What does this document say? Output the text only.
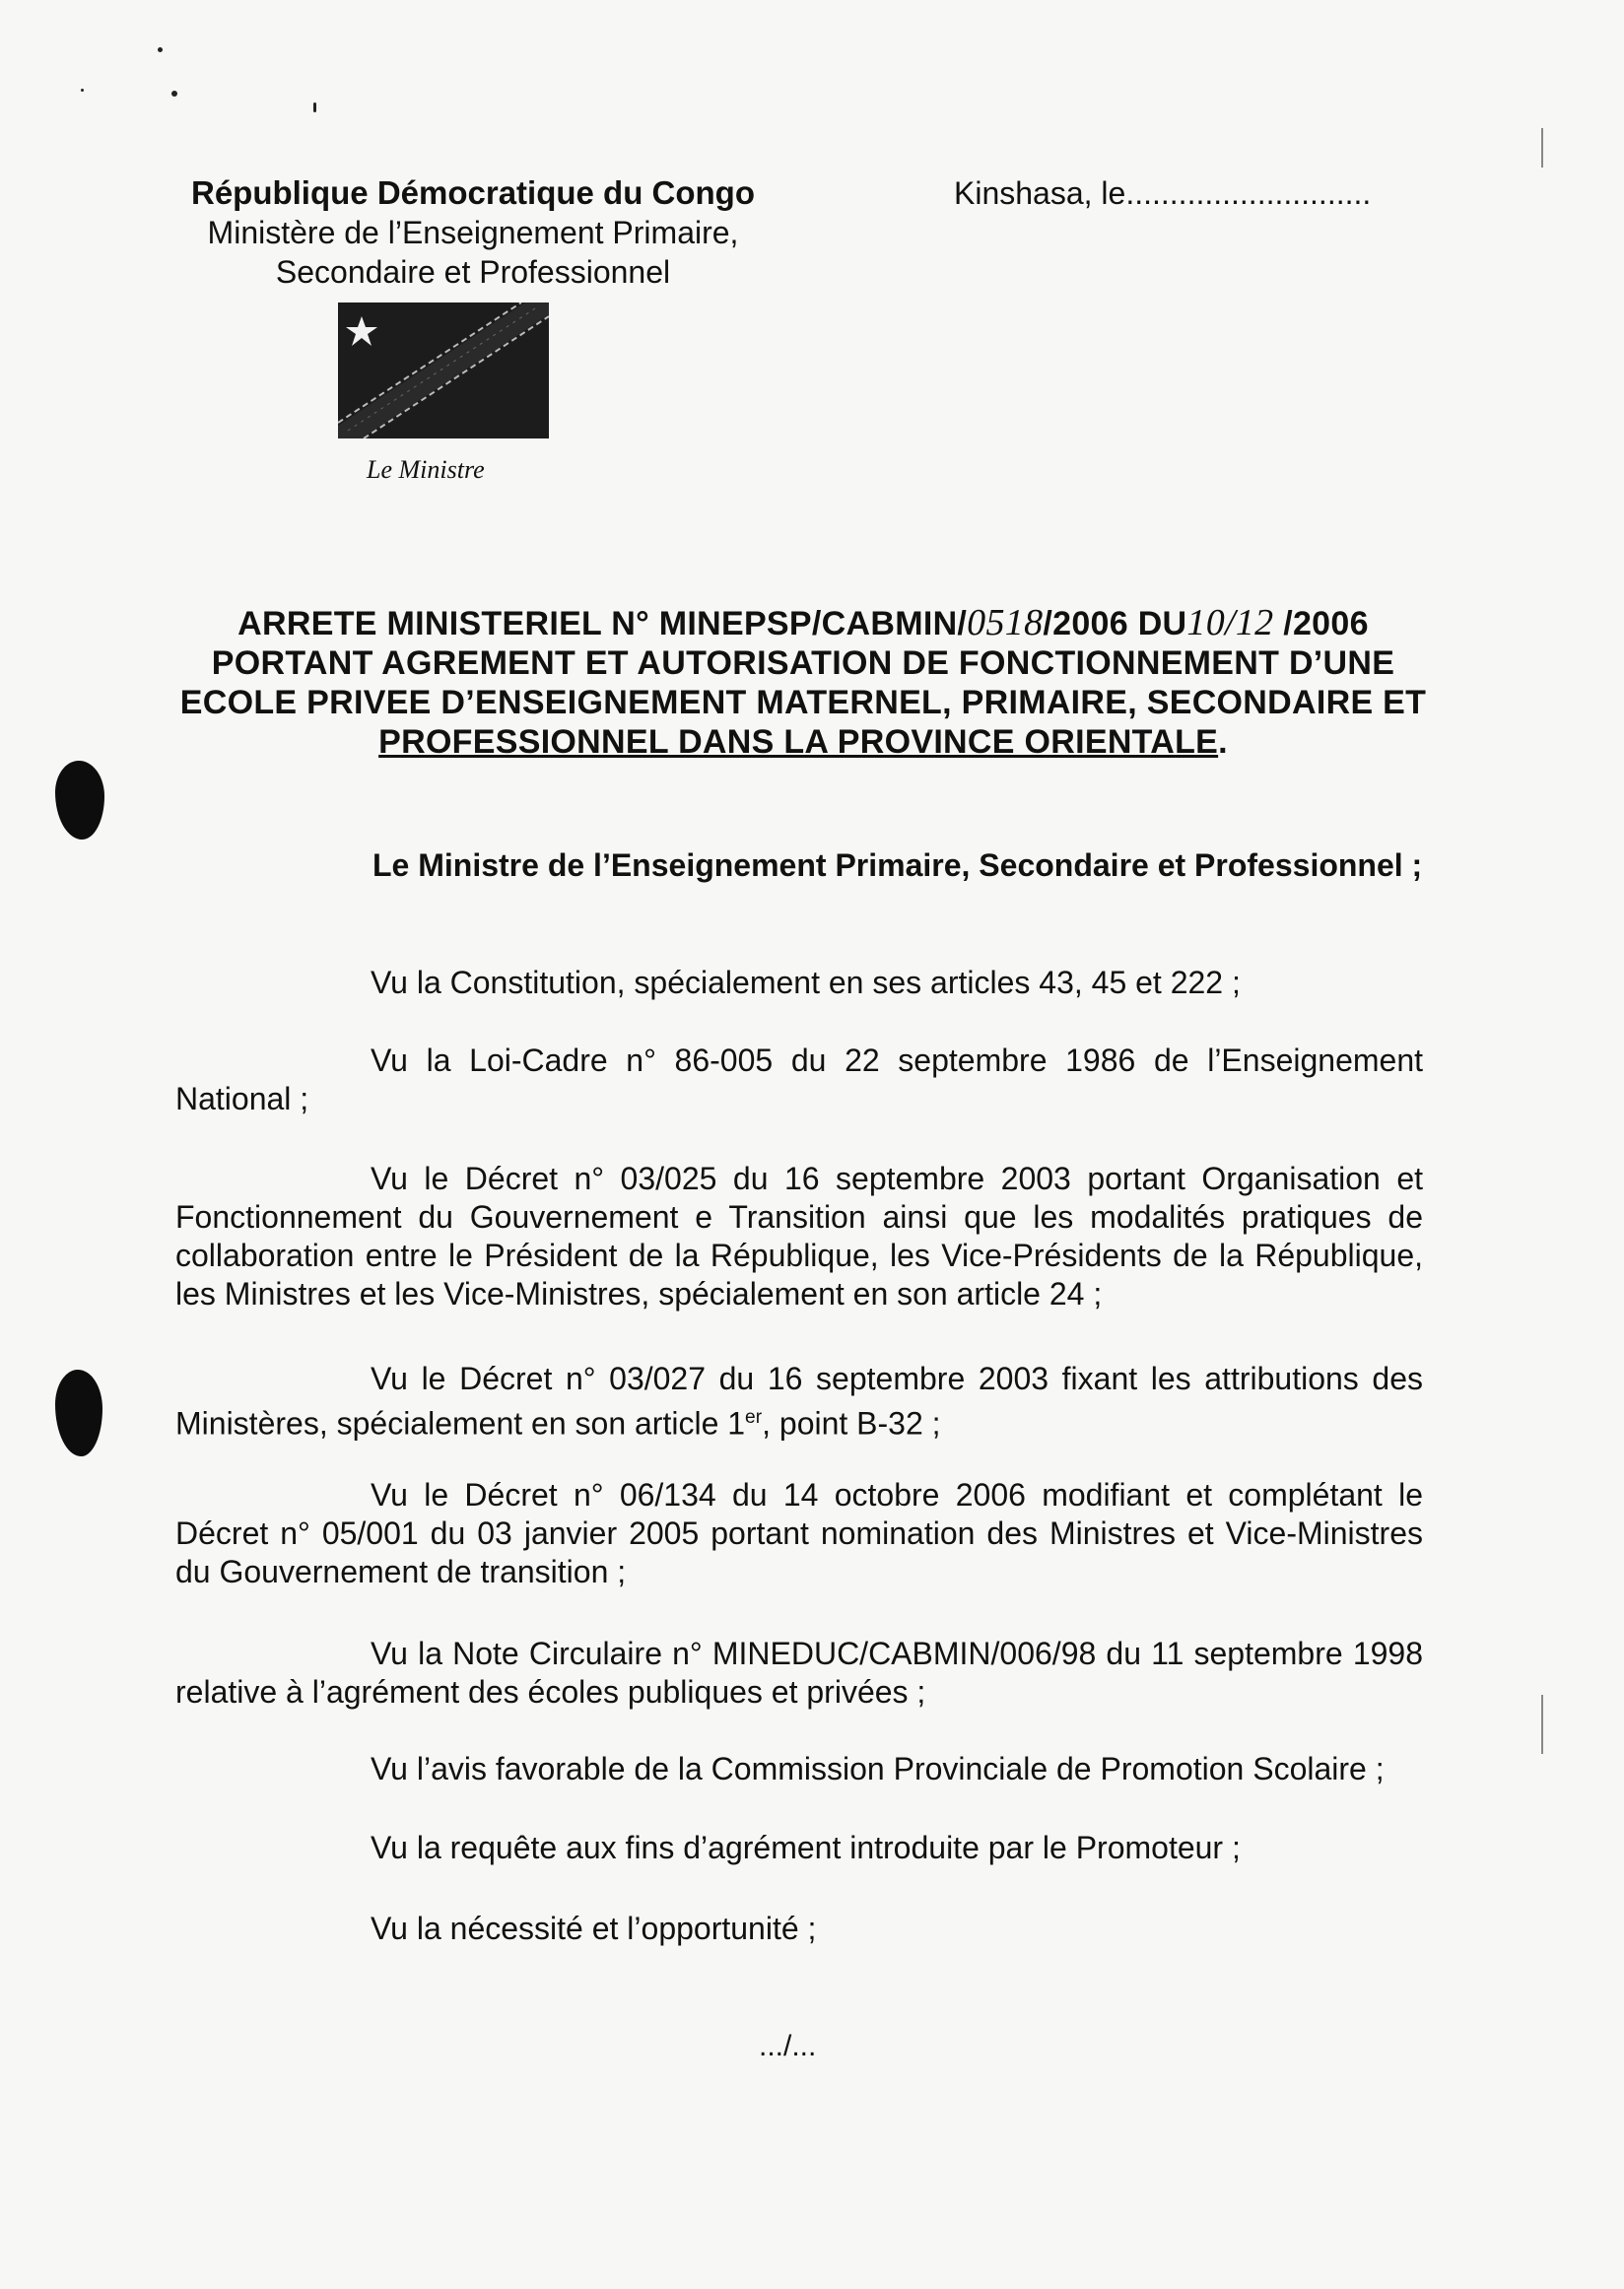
République Démocratique du Congo
Ministère de l’Enseignement Primaire,
Secondaire et Professionnel
Kinshasa, le............................
Le Ministre
ARRETE MINISTERIEL N° MINEPSP/CABMIN/0518/2006 DU10/12 /2006
PORTANT AGREMENT ET AUTORISATION DE FONCTIONNEMENT D’UNE
ECOLE PRIVEE D’ENSEIGNEMENT MATERNEL, PRIMAIRE, SECONDAIRE ET
PROFESSIONNEL DANS LA PROVINCE ORIENTALE.
Le Ministre de l’Enseignement Primaire, Secondaire et Professionnel ;
Vu la Constitution, spécialement en ses articles 43, 45 et 222 ;
Vu la Loi-Cadre n° 86-005 du 22 septembre 1986 de l’Enseignement National ;
Vu le Décret n° 03/025 du 16 septembre 2003 portant Organisation et Fonctionnement du Gouvernement e Transition ainsi que les modalités pratiques de collaboration entre le Président de la République, les Vice-Présidents de la République, les Ministres et les Vice-Ministres, spécialement en son article 24 ;
Vu le Décret n° 03/027 du 16 septembre 2003 fixant les attributions des Ministères, spécialement en son article 1er, point B-32 ;
Vu le Décret n° 06/134 du 14 octobre 2006 modifiant et complétant le Décret n° 05/001 du 03 janvier 2005 portant nomination des Ministres et Vice-Ministres du Gouvernement de transition ;
Vu la Note Circulaire n° MINEDUC/CABMIN/006/98 du 11 septembre 1998 relative à l’agrément des écoles publiques et privées ;
Vu l’avis favorable de la Commission Provinciale de Promotion Scolaire ;
Vu la requête aux fins d’agrément introduite par le Promoteur ;
Vu la nécessité et l’opportunité ;
.../...
